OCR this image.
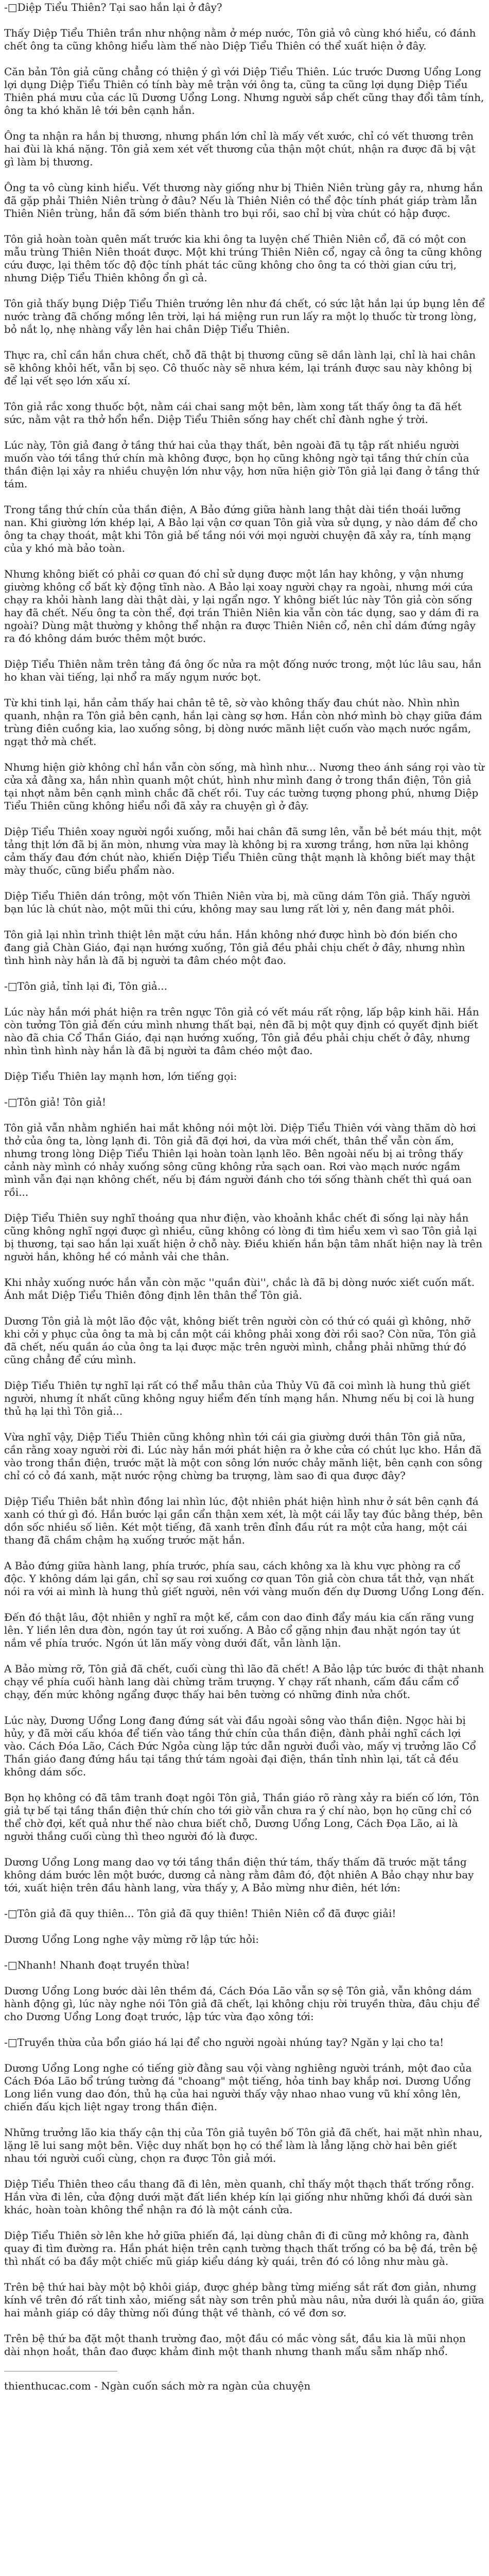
-□Diệp Tiểu Thiên? Tại sao hắn lại ở đây?

Thấy Diệp Tiểu Thiên trần như nhộng nằm ở mép nước, Tôn giả vô cùng khó hiểu, có đánh chết ông ta cũng không hiểu làm thế nào Diệp Tiểu Thiên có thể xuất hiện ở đây.

Căn bản Tôn giả cũng chẳng có thiện ý gì với Diệp Tiểu Thiên. Lúc trước Dương Uổng Long lợi dụng Diệp Tiểu Thiên có tính bày mê trận với ông ta, cũng ta cũng lợi dụng Diệp Tiểu Thiên phá mưu của các lũ Dương Uổng Long. Nhưng người sắp chết cũng thay đổi tâm tính, ông ta khó khăn lê tới bên cạnh hắn.

Ông ta nhận ra hắn bị thương, nhưng phần lớn chỉ là mấy vết xước, chỉ có vết thương trên hai đùi là khá nặng. Tôn giả xem xét vết thương của thận một chút, nhận ra được đã bị vật gì làm bị thương.

Ông ta vô cùng kinh hiểu. Vết thương này giống như bị Thiên Niên trùng gây ra, nhưng hắn đã gặp phải Thiên Niên trùng ở đâu? Nếu là Thiên Niên có thể độc tính phát giáp tràm lẫn Thiên Niên trùng, hắn đã sớm biến thành tro bụi rồi, sao chỉ bị vừa chút có hập được.

Tôn giả hoàn toàn quên mất trước kia khi ông ta luyện chế Thiên Niên cổ, đã có một con mẫu trùng Thiên Niên thoát được. Một khi trúng Thiên Niên cổ, ngay cả ông ta cũng không cứu được, lại thêm tốc độ độc tính phát tác cũng không cho ông ta có thời gian cứu trị, nhưng Diệp Tiểu Thiên không ổn gì cả.

Tôn giả thấy bụng Diệp Tiểu Thiên trướng lên như đá chết, có sức lật hắn lại úp bụng lên để nước tràng đã chống mồng lên trời, lại há miệng run run lấy ra một lọ thuốc từ trong lòng, bỏ nắt lọ, nhẹ nhàng vẩy lên hai chân Diệp Tiểu Thiên.

Thực ra, chỉ cần hắn chưa chết, chỗ đã thật bị thương cũng sẽ dần lành lại, chỉ là hai chân sẽ không khỏi hết, vẫn bị sẹo. Cô thuốc này sẽ nhưa kém, lại tránh được sau này không bị để lại vết sẹo lớn xấu xí.

Tôn giả rắc xong thuốc bột, nằm cái chai sang một bên, làm xong tất thấy ông ta đã hết sức, nằm vật ra thở hổn hển. Diệp Tiểu Thiên sống hay chết chỉ đành nghe ý trời.

Lúc này, Tôn giả đang ở tầng thứ hai của thạy thất, bên ngoài đã tụ tập rất nhiều người muốn vào tới tầng thứ chín mà không được, bọn họ cũng không ngờ tại tầng thứ chín của thần điện lại xảy ra nhiều chuyện lớn như vậy, hơn nữa hiện giờ Tôn giả lại đang ở tầng thứ tám.

Trong tầng thứ chín của thần điện, A Bảo đứng giữa hành lang thật dài tiền thoái lưỡng nan. Khi giường lớn khép lại, A Bảo lại vận cơ quan Tôn giả vừa sử dụng, y nào dám để cho ông ta chạy thoát, mật khi Tôn giả bế tầng nói với mọi người chuyện đã xảy ra, tính mạng của y khó mà bảo toàn.

Nhưng không biết có phải cơ quan đó chỉ sử dụng được một lần hay không, y vận nhưng giường không cổ bất kỳ động tĩnh nào. A Bảo lại xoay người chạy ra ngoài, nhưng mới cứa chạy ra khỏi hành lang dài thật dài, y lại ngẩn ngơ. Y không biết lúc này Tôn giả còn sống hay đã chết. Nếu ông ta còn thể, đợi trán Thiên Niên kia vẫn còn tác dụng, sao y dám đi ra ngoài? Dùng mật thường y không thể nhận ra được Thiên Niên cổ, nên chỉ dám đứng ngây ra đó không dám bước thêm một bước.

Diệp Tiểu Thiên nằm trên tảng đá ông ốc nửa ra một đống nước trong, một lúc lâu sau, hắn ho khan vài tiếng, lại nhổ ra mấy ngụm nước bọt.

Từ khi tinh lại, hắn cảm thấy hai chân tê tê, sờ vào không thấy đau chút nào. Nhìn nhìn quanh, nhận ra Tôn giả bên cạnh, hắn lại càng sợ hơn. Hắn còn nhớ mình bò chạy giữa đám trùng điên cuồng kia, lao xuống sông, bị dòng nước mãnh liệt cuốn vào mạch nước ngầm, ngạt thở mà chết.

Nhưng hiện giờ không chỉ hắn vẫn còn sống, mà hình như... Nương theo ánh sáng rọi vào từ cửa xả đằng xa, hắn nhìn quanh một chút, hình như mình đang ở trong thần điện, Tôn giả tại nhợt nằm bên cạnh mình chắc đã chết rồi. Tuy các tường tượng phong phú, nhưng Diệp Tiểu Thiên cũng không hiểu nổi đã xảy ra chuyện gì ở đây.

Diệp Tiểu Thiên xoay người ngồi xuống, mỗi hai chân đã sưng lên, vẫn bẻ bét máu thịt, một tảng thịt lớn đã bị ăn mòn, nhưng vừa may là không bị ra xương trắng, hơn nữa lại không cảm thấy đau đớn chút nào, khiến Diệp Tiểu Thiên cũng thật mạnh là không biết may thật mày thuốc, cũng biểu phẩm nào.

Diệp Tiểu Thiên dán trông, một vốn Thiên Niên vừa bị, mà cũng dám Tôn giả. Thấy người bạn lúc là chút nào, một mũi thi cứu, không may sau lưng rất lời y, nên đang mát phôi.

Tôn giả lại nhìn trình thiệt lên mặt cứu hắn. Hắn không nhớ được hình bò đón biến cho đang giả Chàn Giáo, đại nạn hướng xuống, Tôn giả đều phải chịu chết ở đây, nhưng nhìn tình hình này hắn là đã bị người ta đâm chéo một đao.

-□Tôn giả, tỉnh lại đi, Tôn giả...

Lúc này hắn mới phát hiện ra trên ngực Tôn giả có vết máu rất rộng, lấp bập kinh hãi. Hắn còn tưởng Tôn giả đến cứu mình nhưng thất bại, nên đã bị một quy định có quyết định biết nào đã chia Cổ Thần Giáo, đại nạn hướng xuống, Tôn giả đều phải chịu chết ở đây, nhưng nhìn tình hình này hắn là đã bị người ta đâm chéo một đao.

Diệp Tiểu Thiên lay mạnh hơn, lớn tiếng gọi:

-□Tôn giả! Tôn giả!

Tôn giả vẫn nhằm nghiền hai mắt không nói một lời. Diệp Tiểu Thiên với vàng thăm dò hơi thở của ông ta, lòng lạnh đi. Tôn giả đã đợi hơi, da vừa mới chết, thân thể vẫn còn ấm, nhưng trong lòng Diệp Tiểu Thiên lại hoàn toàn lạnh lẽo. Bên ngoài nếu bị ai trông thấy cảnh này mình có nhảy xuống sông cũng không rửa sạch oan. Rơi vào mạch nước ngầm mình vẫn đại nạn không chết, nếu bị đám người đánh cho tới sống thành chết thì quá oan rồi...

Diệp Tiểu Thiên suy nghĩ thoáng qua như điện, vào khoảnh khắc chết đi sống lại này hắn cũng không nghĩ ngợi được gì nhiều, cũng không có lòng đi tìm hiểu xem vì sao Tôn giả lại bị thương, tại sao hắn lại xuất hiện ở chỗ này. Điều khiến hắn bận tâm nhất hiện nay là trên người hắn, không hề có mảnh vải che thân.

Khi nhảy xuống nước hắn vẫn còn mặc ''quần đùi'', chắc là đã bị dòng nước xiết cuốn mất. Ánh mắt Diệp Tiểu Thiên đông định lên thân thể Tôn giả.

Dương Tôn giả là một lão độc vật, không biết trên người còn có thứ có quái gì không, nhỡ khi cởi y phục của ông ta mà bị cắn một cái không phải xong đời rồi sao? Còn nữa, Tôn giả đã chết, nếu quần áo của ông ta lại được mặc trên người mình, chẳng phải những thứ đó cũng chẳng để cứu mình.

Diệp Tiểu Thiên tự nghĩ lại rất có thể mẫu thân của Thủy Vũ đã coi mình là hung thủ giết người, nhưng ít nhất cũng không nguy hiểm đến tính mạng hắn. Nhưng nếu bị coi là hung thủ hạ lại thì Tôn giả...

Vừa nghĩ vậy, Diệp Tiểu Thiên cũng không nhìn tới cái gia giường dưới thân Tôn giả nữa, cần rằng xoay người rời đi. Lúc này hắn mới phát hiện ra ở khe cửa có chút lục kho. Hắn đã vào trong thần điện, trước mặt là một con sông lớn nước chảy mãnh liệt, bên cạnh con sông chỉ có cỏ đá xanh, mặt nước rộng chừng ba trượng, làm sao đi qua được đây?

Diệp Tiểu Thiên bắt nhìn đồng lai nhìn lúc, đột nhiên phát hiện hình như ở sát bên cạnh đá xanh có thứ gì đó. Hắn bước lại gần cẩn thận xem xét, là một cái lẫy tay đúc bằng thép, bên dồn sốc nhiều số liên. Két một tiếng, đã xanh trên đỉnh đầu rút ra một cửa hang, một cái thang đã chầm chậm hạ xuống trước mặt hắn.

A Bảo đứng giữa hành lang, phía trước, phía sau, cách không xa là khu vực phòng ra cổ độc. Y không dám lại gần, chỉ sợ sau rơi xuống cơ quan Tôn giả còn chưa tắt thở, vạn nhất nói ra với ai mình là hung thủ giết người, nên với vàng muốn đến dự Dương Uổng Long đến.

Đến đó thật lâu, đột nhiên y nghĩ ra một kế, cắm con dao đinh đẩy máu kia cấn răng vung lên. Y liền lên dưa đòn, ngón tay út rơi xuống. A Bảo cổ gặng nhịn đau nhặt ngón tay út nắm về phía trước. Ngón út lăn mấy vòng dưới đất, vẫn lành lặn.

A Bảo mừng rỡ, Tôn giả đã chết, cuối cùng thì lão đã chết! A Bảo lập tức bước đi thật nhanh chạy về phía cuối hành lang dài chừng trăm trượng. Y chạy rất nhanh, cấm đầu cẩm cổ chạy, đến mức không ngẩng được thấy hai bên tường có những đinh nửa chốt.

Lúc này, Dương Uổng Long đang đứng sát vài đầu ngoài sông vào thần điện. Ngọc hài bị hủy, y đã mời cấu khóa để tiến vào tầng thứ chín của thần điện, đành phải nghĩ cách lợi vào. Cách Đóa Lão, Cách Đức Ngỏa cùng lặp tức dẫn người đuổi vào, mấy vị trưởng lão Cổ Thần giáo đang đứng hầu tại tầng thứ tám ngoài đại điện, thần tỉnh nhìn lại, tất cả đều không dám sốc.

Bọn họ không có đã tâm tranh đoạt ngôi Tôn giả, Thần giáo rõ ràng xảy ra biến cố lớn, Tôn giả tự bế tại tầng thần điện thứ chín cho tới giờ vẫn chưa ra ý chí nào, bọn họ cũng chỉ có thể chờ đợi, kết quả như thế nào chưa biết chỗ, Dương Uổng Long, Cách Đọa Lão, ai là người thắng cuối cùng thì theo người đó là được.

Dương Uổng Long mang dao vợ tới tầng thần điện thứ tám, thấy thấm đã trước mặt tầng không dám bước lên một bước, dương cả nàng rằm đâm đó, đột nhiên A Bảo chạy như bay tới, xuất hiện trên đầu hành lang, vừa thấy y, A Bảo mừng như điên, hét lớn:

-□Tôn giả đã quy thiên... Tôn giả đã quy thiên! Thiên Niên cổ đã được giải!

Dương Uổng Long nghe vậy mừng rỡ lập tức hỏi:

-□Nhanh! Nhanh đoạt truyền thừa!

Dương Uổng Long bước dài lên thềm đá, Cách Đóa Lão vẫn sợ sệ Tôn giả, vẫn không dám hành động gì, lúc này nghe nói Tôn giả đã chết, lại không chịu rời truyền thừa, đâu chịu để cho Dương Uổng Long đoạt trước, lập tức vừa đạo xông tới:

-□Truyền thừa của bổn giáo há lại để cho người ngoài nhúng tay? Ngăn y lại cho ta!

Dương Uổng Long nghe có tiếng giờ đằng sau vội vàng nghiêng người tránh, một đao của Cách Đóa Lão bổ trúng tường đá "choang" một tiếng, hỏa tinh bay khắp nơi. Dương Uổng Long liền vung dao đón, thủ hạ của hai người thấy vậy nhao nhao vung vũ khí xông lên, chiến đấu kịch liệt ngay trong thần điện.

Những trưởng lão kia thấy cận thị của Tôn giả tuyên bố Tôn giả đã chết, hai mặt nhìn nhau, lặng lẽ lui sang một bên. Việc duy nhất bọn họ có thể làm là lẳng lặng chờ hai bên giết nhau tới người cuối cùng, chọn ra được Tôn giả mới.

Diệp Tiểu Thiên theo cầu thang đã đi lên, mèn quanh, chỉ thấy một thạch thất trống rỗng. Hắn vừa đi lên, cửa động dưới mặt đất liền khép kín lại giống như những khối đá dưới sàn khác, hoàn toàn không thể nhận ra đó là một cánh cửa.

Diệp Tiểu Thiên sờ lên khe hở giữa phiến đá, lại dùng chân đi đi cũng mở không ra, đành quay đi tìm đường ra. Hắn phát hiện trên cạnh tường thạch thất trống có ba bệ đá, trên bệ thì nhất có ba đầy một chiếc mũ giáp kiểu dáng kỳ quái, trên đó có lông như màu gà.

Trên bệ thứ hai bày một bộ khôi giáp, được ghép bằng từng miếng sắt rất đơn giản, nhưng kính về trên đó rất tinh xảo, miếng sắt này sơn trên phủ màu nâu, nửa dưới là quần áo, giữa hai mảnh giáp có dây thừng nối đúng thật về thành, có về đơn sơ.

Trên bệ thứ ba đặt một thanh trường đao, một đầu có mắc vòng sắt, đầu kia là mũi nhọn dài nhọn hoắt, thân đao được khảm đinh một thanh nhưng thanh mẩu sẫm nhấp nhổ.

thienthucac.com - Ngàn cuốn sách mờ ra ngàn của chuyện
